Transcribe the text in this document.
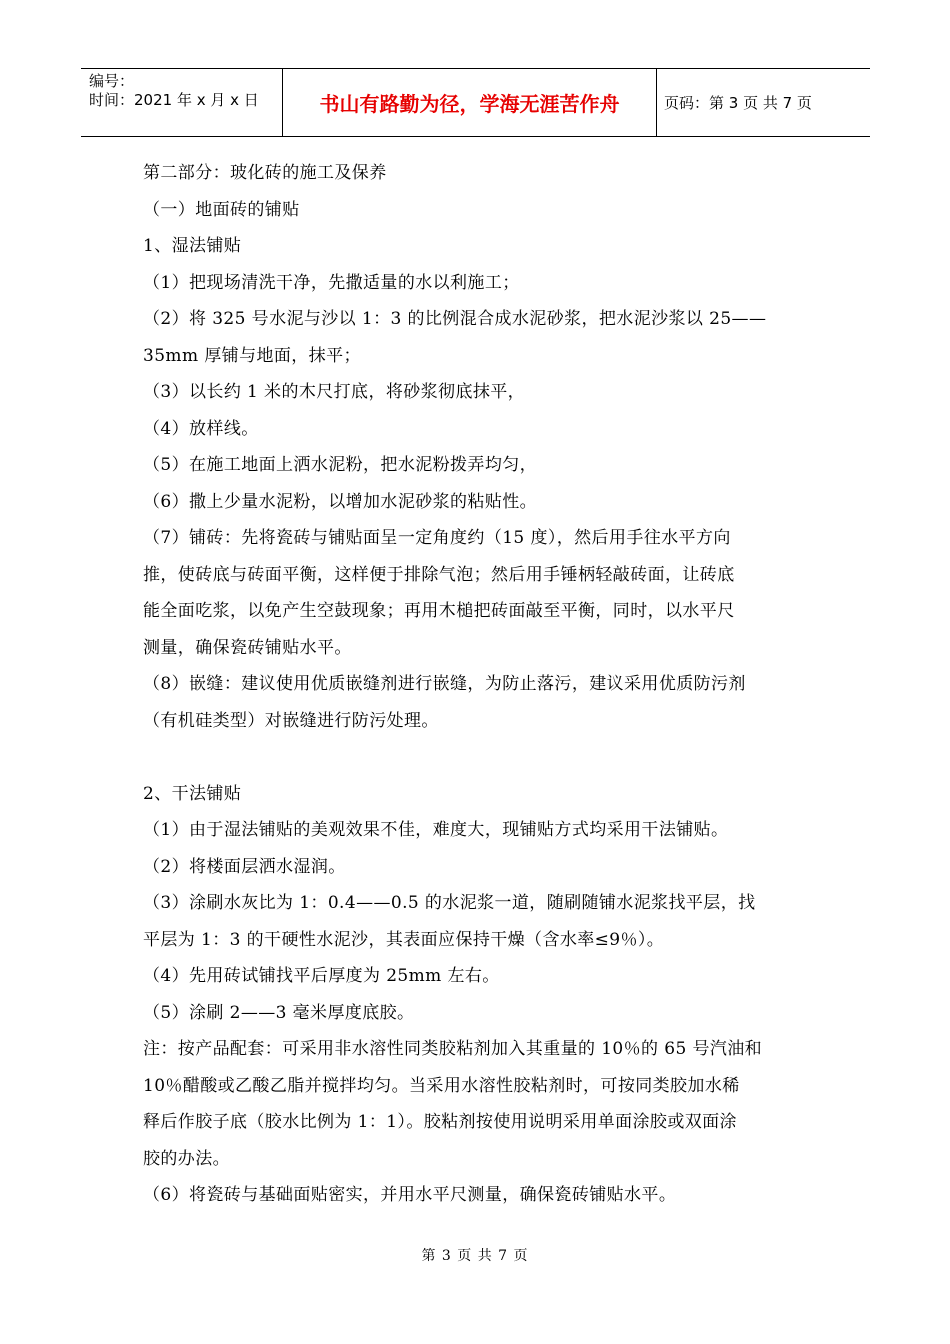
编号：
时间：2021 年 x 月 x 日	书山有路勤为径，学海无涯苦作舟	页码：第 3 页 共 7 页
第二部分：玻化砖的施工及保养
（一）地面砖的铺贴
1、湿法铺贴
（1）把现场清洗干净，先撒适量的水以利施工；
（2）将 325 号水泥与沙以 1：3 的比例混合成水泥砂浆，把水泥沙浆以 25——
35mm 厚铺与地面，抹平；
（3）以长约 1 米的木尺打底，将砂浆彻底抹平，
（4）放样线。
（5）在施工地面上洒水泥粉，把水泥粉拨弄均匀，
（6）撒上少量水泥粉，以增加水泥砂浆的粘贴性。
（7）铺砖：先将瓷砖与铺贴面呈一定角度约（15 度），然后用手往水平方向
推，使砖底与砖面平衡，这样便于排除气泡；然后用手锤柄轻敲砖面，让砖底
能全面吃浆，以免产生空鼓现象；再用木槌把砖面敲至平衡，同时，以水平尺
测量，确保瓷砖铺贴水平。
（8）嵌缝：建议使用优质嵌缝剂进行嵌缝，为防止落污，建议采用优质防污剂
（有机硅类型）对嵌缝进行防污处理。
2、干法铺贴
（1）由于湿法铺贴的美观效果不佳，难度大，现铺贴方式均采用干法铺贴。
（2）将楼面层洒水湿润。
（3）涂刷水灰比为 1：0.4——0.5 的水泥浆一道，随刷随铺水泥浆找平层，找
平层为 1：3 的干硬性水泥沙，其表面应保持干燥（含水率≤9％）。
（4）先用砖试铺找平后厚度为 25mm 左右。
（5）涂刷 2——3 毫米厚度底胶。
注：按产品配套：可采用非水溶性同类胶粘剂加入其重量的 10％的 65 号汽油和
10％醋酸或乙酸乙脂并搅拌均匀。当采用水溶性胶粘剂时，可按同类胶加水稀
释后作胶子底（胶水比例为 1：1）。胶粘剂按使用说明采用单面涂胶或双面涂
胶的办法。
（6）将瓷砖与基础面贴密实，并用水平尺测量，确保瓷砖铺贴水平。
第 3 页 共 7 页
